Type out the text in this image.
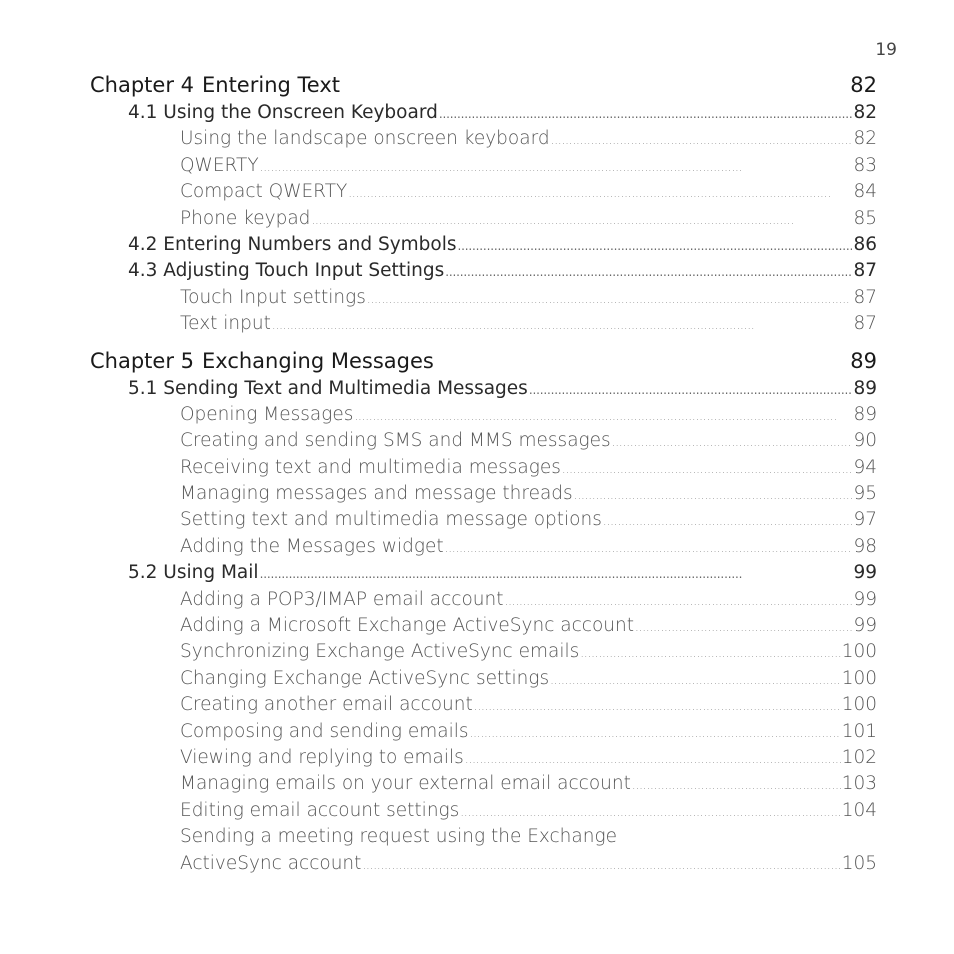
19
Chapter 4 Entering Text	82
4.1 Using the Onscreen Keyboard . . .	82
Using the landscape onscreen keyboard . . .	82
QWERTY . . .	83
Compact QWERTY . . .	84
Phone keypad . . .	85
4.2 Entering Numbers and Symbols . . .	86
4.3 Adjusting Touch Input Settings . . .	87
Touch Input settings . . .	87
Text input . . .	87
Chapter 5 Exchanging Messages	89
5.1 Sending Text and Multimedia Messages . . .	89
Opening Messages . . .	89
Creating and sending SMS and MMS messages . . .	90
Receiving text and multimedia messages . . .	94
Managing messages and message threads . . .	95
Setting text and multimedia message options . . .	97
Adding the Messages widget . . .	98
5.2 Using Mail . . .	99
Adding a POP3/IMAP email account . . .	99
Adding a Microsoft Exchange ActiveSync account . . .	99
Synchronizing Exchange ActiveSync emails . . .	100
Changing Exchange ActiveSync settings . . .	100
Creating another email account . . .	100
Composing and sending emails . . .	101
Viewing and replying to emails . . .	102
Managing emails on your external email account . . .	103
Editing email account settings . . .	104
Sending a meeting request using the Exchange
ActiveSync account . . .	105
